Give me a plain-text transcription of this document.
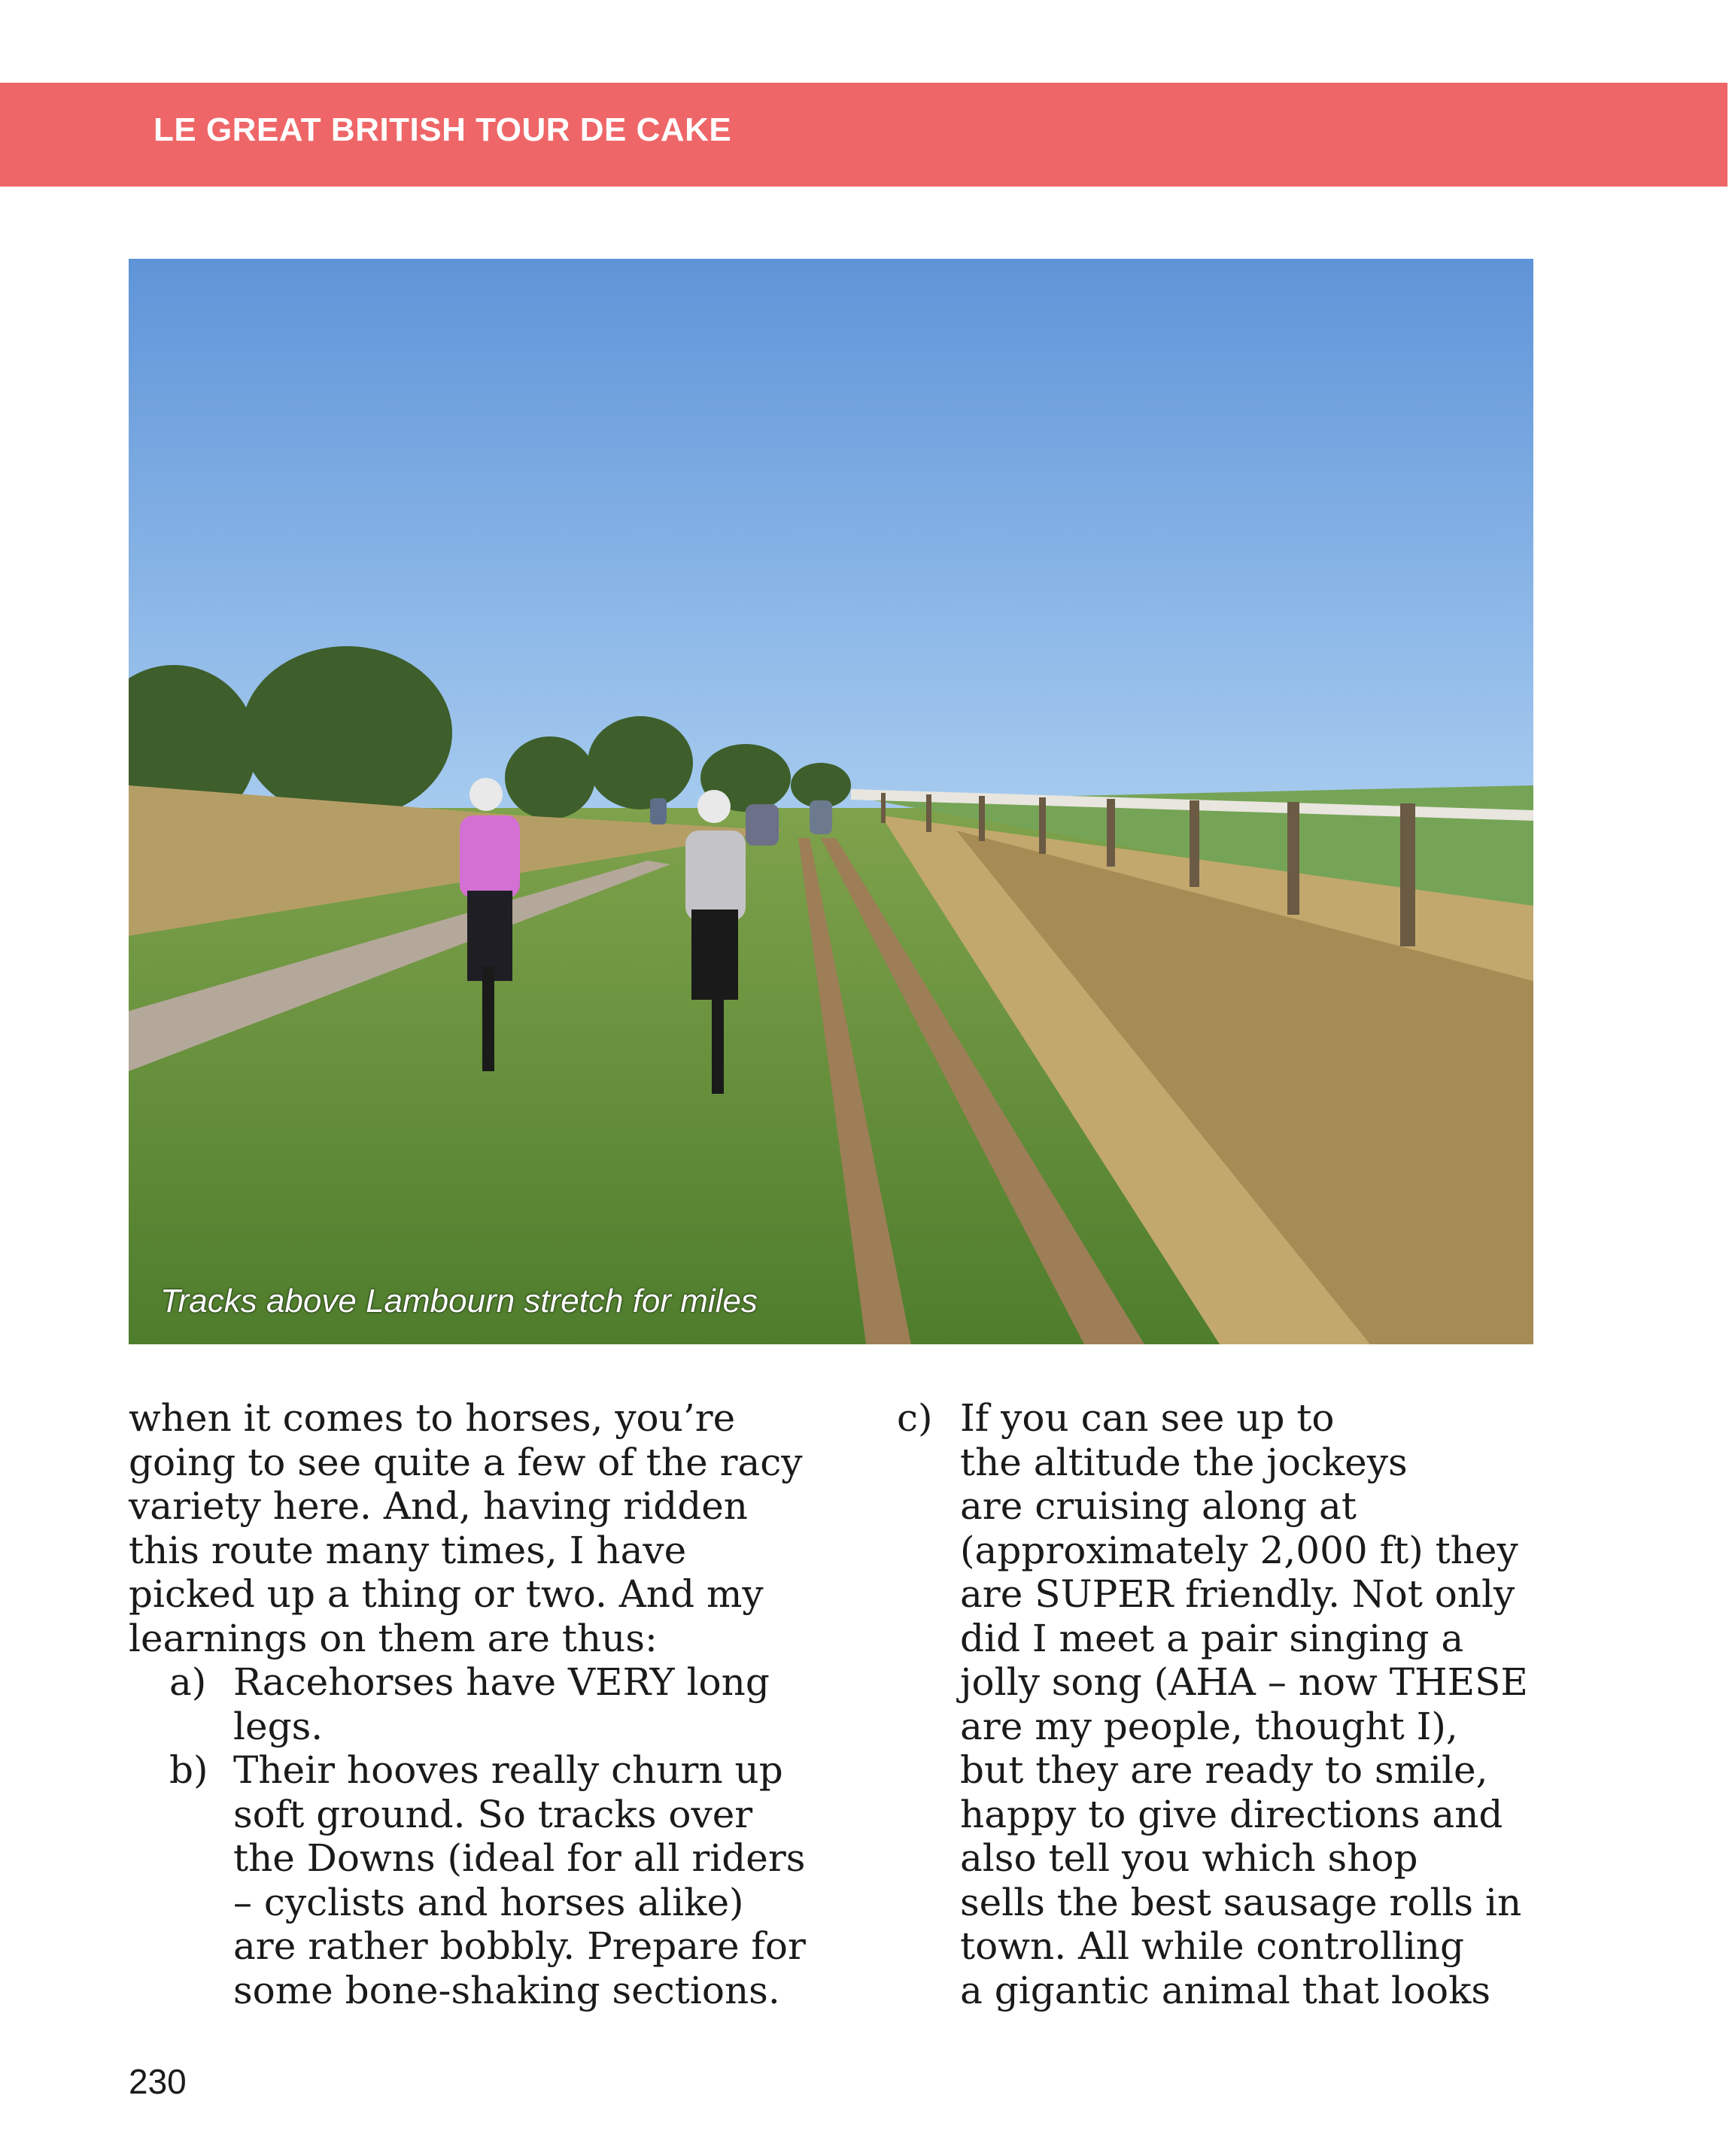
LE GREAT BRITISH TOUR DE CAKE
Tracks above Lambourn stretch for miles
when it comes to horses, you’re
going to see quite a few of the racy
variety here. And, having ridden
this route many times, I have
picked up a thing or two. And my
learnings on them are thus:
a) Racehorses have VERY long
legs.
b) Their hooves really churn up
soft ground. So tracks over
the Downs (ideal for all riders
– cyclists and horses alike)
are rather bobbly. Prepare for
some bone-shaking sections.
c) If you can see up to
the altitude the jockeys
are cruising along at
(approximately 2,000 ft) they
are SUPER friendly. Not only
did I meet a pair singing a
jolly song (AHA – now THESE
are my people, thought I),
but they are ready to smile,
happy to give directions and
also tell you which shop
sells the best sausage rolls in
town. All while controlling
a gigantic animal that looks
230
